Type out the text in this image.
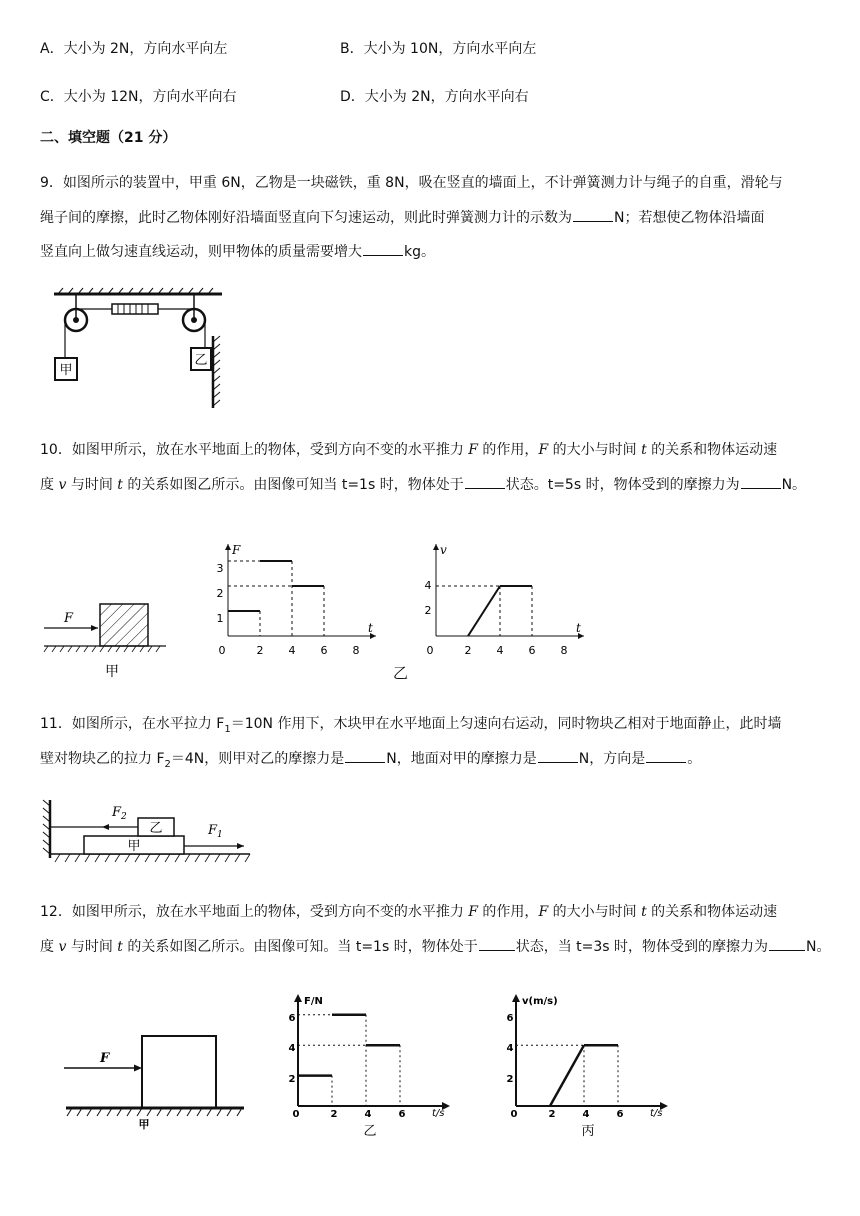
A．大小为 2N，方向水平向左	B．大小为 10N，方向水平向左
C．大小为 12N，方向水平向右	D．大小为 2N，方向水平向右
二、填空题（21 分）
9．如图所示的装置中，甲重 6N，乙物是一块磁铁，重 8N，吸在竖直的墙面上，不计弹簧测力计与绳子的自重，滑轮与
绳子间的摩擦，此时乙物体刚好沿墙面竖直向下匀速运动，则此时弹簧测力计的示数为	N；若想使乙物体沿墙面
竖直向上做匀速直线运动，则甲物体的质量需要增大	kg。
甲
乙
10．如图甲所示，放在水平地面上的物体，受到方向不变的水平推力 F 的作用，F 的大小与时间 t 的关系和物体运动速
度 v 与时间 t 的关系如图乙所示。由图像可知当 t=1s 时，物体处于	状态。t=5s 时，物体受到的摩擦力为	N。
F
甲
F
t
0	2 4 6 8
1
2
3
乙
v
t
0	2 4 6 8
2
4
11．如图所示，在水平拉力 $F_1=10N$ 作用下，木块甲在水平地面上匀速向右运动，同时物块乙相对于地面静止，此时墙
壁对物块乙的拉力 $F_2=4N$，则甲对乙的摩擦力是	N，地面对甲的摩擦力是	N，方向是	。
甲
乙
$F_2$
$F_1$
12．如图甲所示，放在水平地面上的物体，受到方向不变的水平推力 F 的作用，F 的大小与时间 t 的关系和物体运动速
度 v 与时间 t 的关系如图乙所示。由图像可知。当 t=1s 时，物体处于	状态，当 t=3s 时，物体受到的摩擦力为	N。
F
甲
F/N
t/s
0	2	4	6
2
4
6
乙
v(m/s)
t/s
0	2	4	6
2
4
6
丙
